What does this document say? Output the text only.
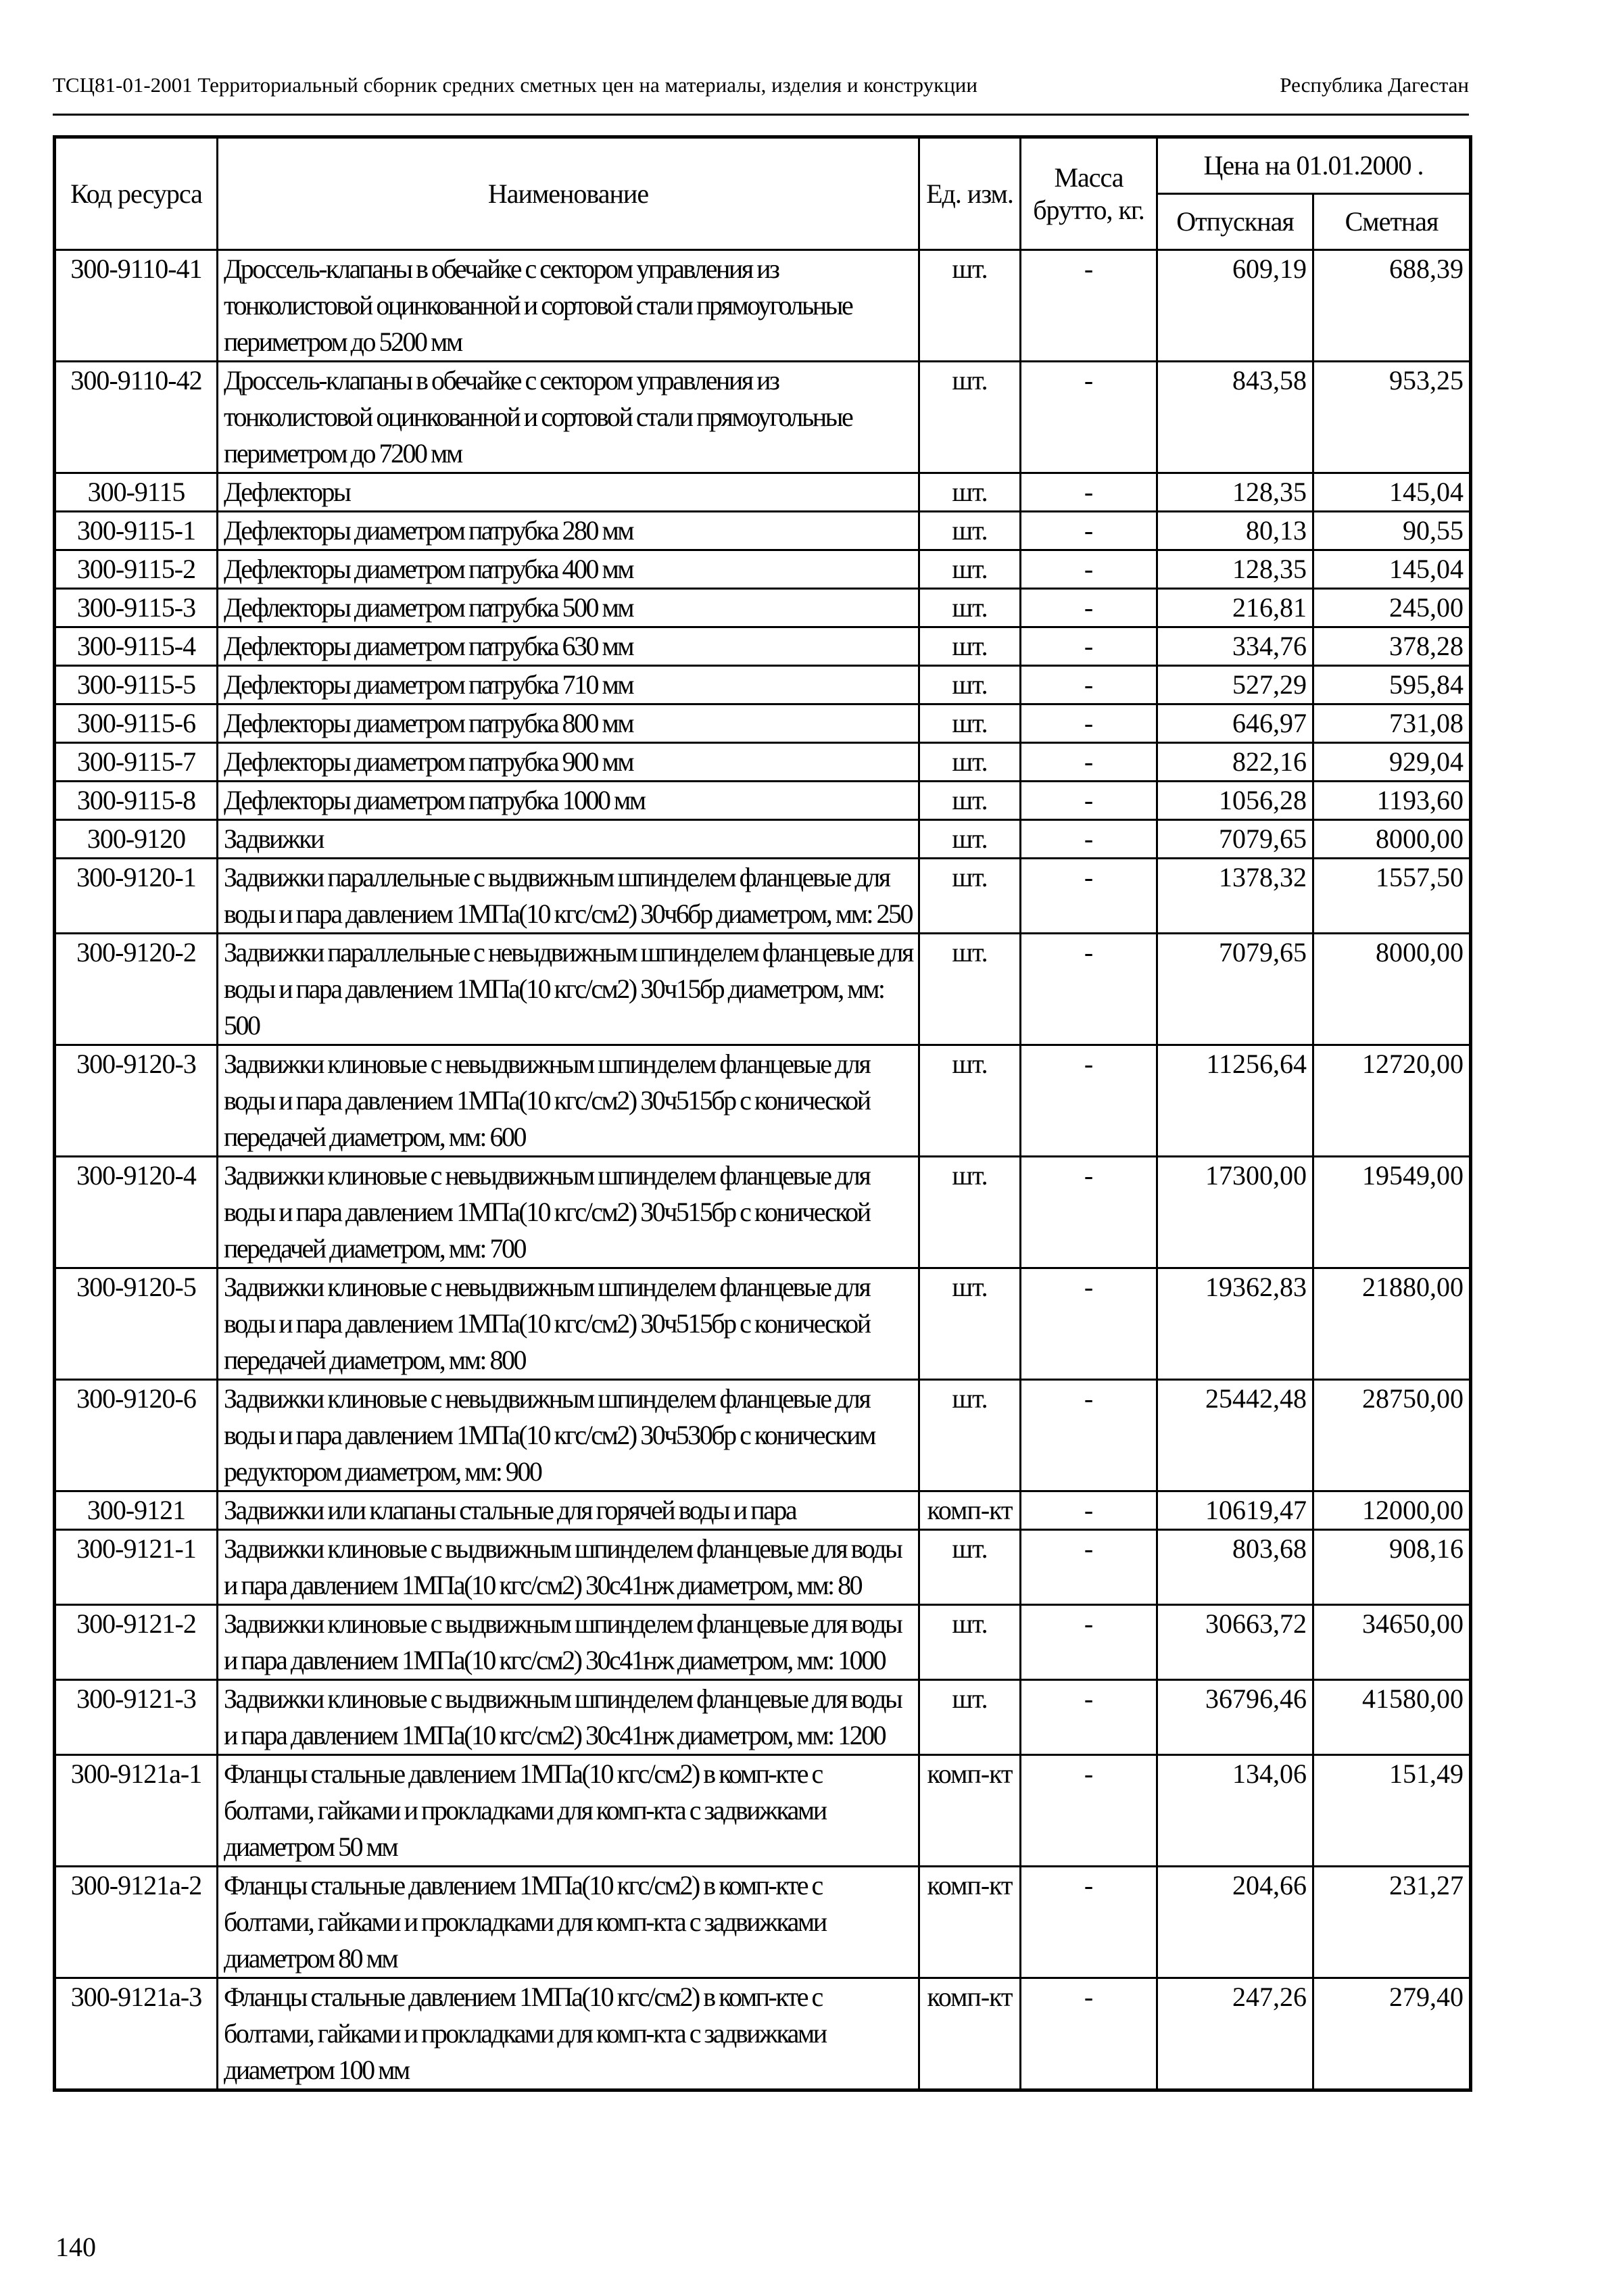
ТСЦ81-01-2001 Территориальный сборник средних сметных цен на материалы, изделия и конструкции	Республика Дагестан
Код ресурса	Наименование	Ед. изм.	Масса брутто, кг.	Цена на 01.01.2000 .	
				Отпускная	Сметная
300-9110-41	Дроссель-клапаны в обечайке с сектором управления из тонколистовой оцинкованной и сортовой стали прямоугольные периметром до 5200 мм	шт.	-	609,19	688,39
300-9110-42	Дроссель-клапаны в обечайке с сектором управления из тонколистовой оцинкованной и сортовой стали прямоугольные периметром до 7200 мм	шт.	-	843,58	953,25
300-9115	Дефлекторы	шт.	-	128,35	145,04
300-9115-1	Дефлекторы диаметром патрубка 280 мм	шт.	-	80,13	90,55
300-9115-2	Дефлекторы диаметром патрубка 400 мм	шт.	-	128,35	145,04
300-9115-3	Дефлекторы диаметром патрубка 500 мм	шт.	-	216,81	245,00
300-9115-4	Дефлекторы диаметром патрубка 630 мм	шт.	-	334,76	378,28
300-9115-5	Дефлекторы диаметром патрубка 710 мм	шт.	-	527,29	595,84
300-9115-6	Дефлекторы диаметром патрубка 800 мм	шт.	-	646,97	731,08
300-9115-7	Дефлекторы диаметром патрубка 900 мм	шт.	-	822,16	929,04
300-9115-8	Дефлекторы диаметром патрубка 1000 мм	шт.	-	1056,28	1193,60
300-9120	Задвижки	шт.	-	7079,65	8000,00
300-9120-1	Задвижки параллельные с выдвижным шпинделем фланцевые для воды и пара давлением 1МПа(10 кгс/см2) 30ч6бр диаметром, мм: 250	шт.	-	1378,32	1557,50
300-9120-2	Задвижки параллельные с невыдвижным шпинделем фланцевые для воды и пара давлением 1МПа(10 кгс/см2) 30ч15бр диаметром, мм: 500	шт.	-	7079,65	8000,00
300-9120-3	Задвижки клиновые с невыдвижным шпинделем фланцевые для воды и пара давлением 1МПа(10 кгс/см2) 30ч515бр с конической передачей диаметром, мм: 600	шт.	-	11256,64	12720,00
300-9120-4	Задвижки клиновые с невыдвижным шпинделем фланцевые для воды и пара давлением 1МПа(10 кгс/см2) 30ч515бр с конической передачей диаметром, мм: 700	шт.	-	17300,00	19549,00
300-9120-5	Задвижки клиновые с невыдвижным шпинделем фланцевые для воды и пара давлением 1МПа(10 кгс/см2) 30ч515бр с конической передачей диаметром, мм: 800	шт.	-	19362,83	21880,00
300-9120-6	Задвижки клиновые с невыдвижным шпинделем фланцевые для воды и пара давлением 1МПа(10 кгс/см2) 30ч530бр с коническим редуктором диаметром, мм: 900	шт.	-	25442,48	28750,00
300-9121	Задвижки или клапаны стальные для горячей воды и пара	комп-кт	-	10619,47	12000,00
300-9121-1	Задвижки клиновые с выдвижным шпинделем фланцевые для воды и пара давлением 1МПа(10 кгс/см2) 30с41нж диаметром, мм: 80	шт.	-	803,68	908,16
300-9121-2	Задвижки клиновые с выдвижным шпинделем фланцевые для воды и пара давлением 1МПа(10 кгс/см2) 30с41нж диаметром, мм: 1000	шт.	-	30663,72	34650,00
300-9121-3	Задвижки клиновые с выдвижным шпинделем фланцевые для воды и пара давлением 1МПа(10 кгс/см2) 30с41нж диаметром, мм: 1200	шт.	-	36796,46	41580,00
300-9121а-1	Фланцы стальные давлением 1МПа(10 кгс/см2) в комп-кте с болтами, гайками и прокладками для комп-кта с задвижками диаметром 50 мм	комп-кт	-	134,06	151,49
300-9121а-2	Фланцы стальные давлением 1МПа(10 кгс/см2) в комп-кте с болтами, гайками и прокладками для комп-кта с задвижками диаметром 80 мм	комп-кт	-	204,66	231,27
300-9121а-3	Фланцы стальные давлением 1МПа(10 кгс/см2) в комп-кте с болтами, гайками и прокладками для комп-кта с задвижками диаметром 100 мм	комп-кт	-	247,26	279,40
140
